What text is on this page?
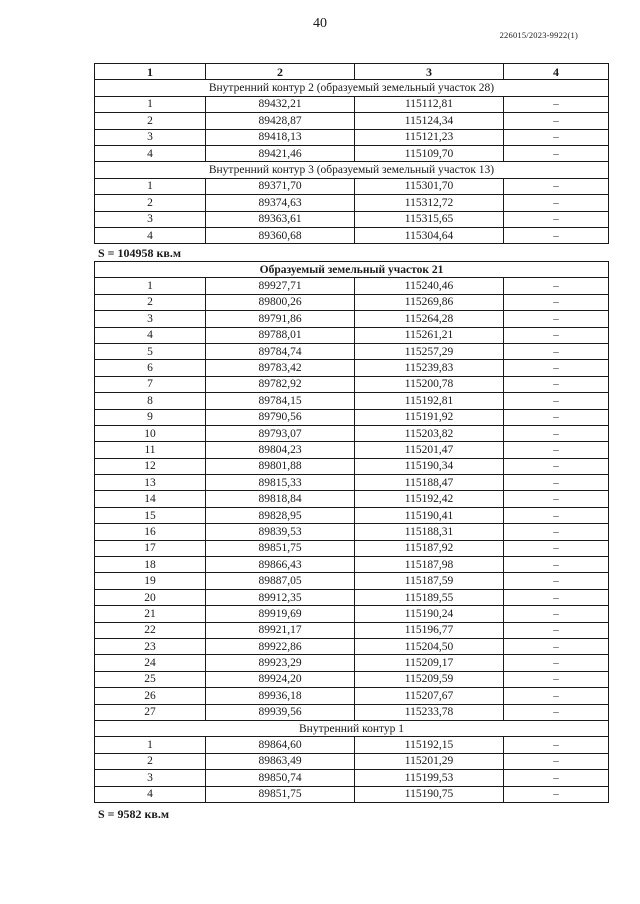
40
226015/2023-9922(1)
1	2	3	4
Внутренний контур 2 (образуемый земельный участок 28)			
1	89432,21	115112,81	–
2	89428,87	115124,34	–
3	89418,13	115121,23	–
4	89421,46	115109,70	–
Внутренний контур 3 (образуемый земельный участок 13)			
1	89371,70	115301,70	–
2	89374,63	115312,72	–
3	89363,61	115315,65	–
4	89360,68	115304,64	–
S = 104958 кв.м
Образуемый земельный участок 21			
1	89927,71	115240,46	–
2	89800,26	115269,86	–
3	89791,86	115264,28	–
4	89788,01	115261,21	–
5	89784,74	115257,29	–
6	89783,42	115239,83	–
7	89782,92	115200,78	–
8	89784,15	115192,81	–
9	89790,56	115191,92	–
10	89793,07	115203,82	–
11	89804,23	115201,47	–
12	89801,88	115190,34	–
13	89815,33	115188,47	–
14	89818,84	115192,42	–
15	89828,95	115190,41	–
16	89839,53	115188,31	–
17	89851,75	115187,92	–
18	89866,43	115187,98	–
19	89887,05	115187,59	–
20	89912,35	115189,55	–
21	89919,69	115190,24	–
22	89921,17	115196,77	–
23	89922,86	115204,50	–
24	89923,29	115209,17	–
25	89924,20	115209,59	–
26	89936,18	115207,67	–
27	89939,56	115233,78	–
Внутренний контур 1			
1	89864,60	115192,15	–
2	89863,49	115201,29	–
3	89850,74	115199,53	–
4	89851,75	115190,75	–
S = 9582 кв.м
